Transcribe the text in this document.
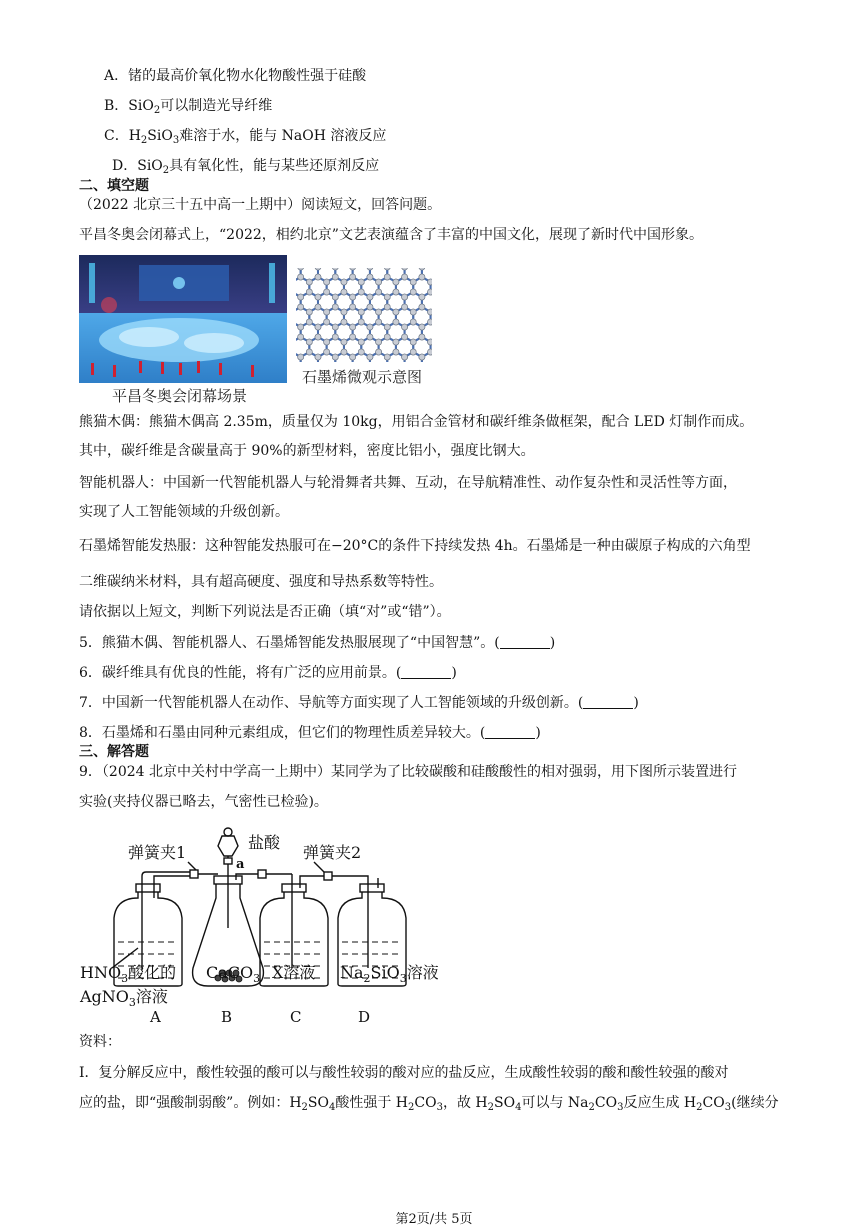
A．锗的最高价氧化物水化物酸性强于硅酸
B．SiO$_2$可以制造光导纤维
C．$H_2SiO_3$难溶于水，能与 NaOH 溶液反应
D．SiO$_2$具有氧化性，能与某些还原剂反应
二、填空题
（2022 北京三十五中高一上期中）阅读短文，回答问题。
平昌冬奥会闭幕式上，“2022，相约北京”文艺表演蕴含了丰富的中国文化，展现了新时代中国形象。
平昌冬奥会闭幕场景
石墨烯微观示意图
熊猫木偶：熊猫木偶高 2.35m，质量仅为 10kg，用铝合金管材和碳纤维条做框架，配合 LED 灯制作而成。
其中，碳纤维是含碳量高于 90%的新型材料，密度比铝小，强度比钢大。
智能机器人：中国新一代智能机器人与轮滑舞者共舞、互动，在导航精准性、动作复杂性和灵活性等方面，
实现了人工智能领域的升级创新。
石墨烯智能发热服：这种智能发热服可在−20°C的条件下持续发热 4h。石墨烯是一种由碳原子构成的六角型
二维碳纳米材料，具有超高硬度、强度和导热系数等特性。
请依据以上短文，判断下列说法是否正确（填“对”或“错”）。
5．熊猫木偶、智能机器人、石墨烯智能发热服展现了“中国智慧”。(	)
6．碳纤维具有优良的性能，将有广泛的应用前景。(	)
7．中国新一代智能机器人在动作、导航等方面实现了人工智能领域的升级创新。(	)
8．石墨烯和石墨由同种元素组成，但它们的物理性质差异较大。(	)
三、解答题
9．（2024 北京中关村中学高一上期中）某同学为了比较碳酸和硅酸酸性的相对强弱，用下图所示装置进行
实验(夹持仪器已略去，气密性已检验)。
弹簧夹1
盐酸
a
弹簧夹2
$HNO_3$酸化的
AgNO$_3$溶液
CaCO$_3$ X溶液 $Na_2SiO_3$溶液
A	B	C	D
资料：
I．复分解反应中，酸性较强的酸可以与酸性较弱的酸对应的盐反应，生成酸性较弱的酸和酸性较强的酸对
应的盐，即“强酸制弱酸”。例如：$H_2SO_4$酸性强于 $H_2CO_3$，故 $H_2SO_4$可以与 $Na_2CO_3$反应生成 $H_2CO_3$(继续分
第2页/共 5页
